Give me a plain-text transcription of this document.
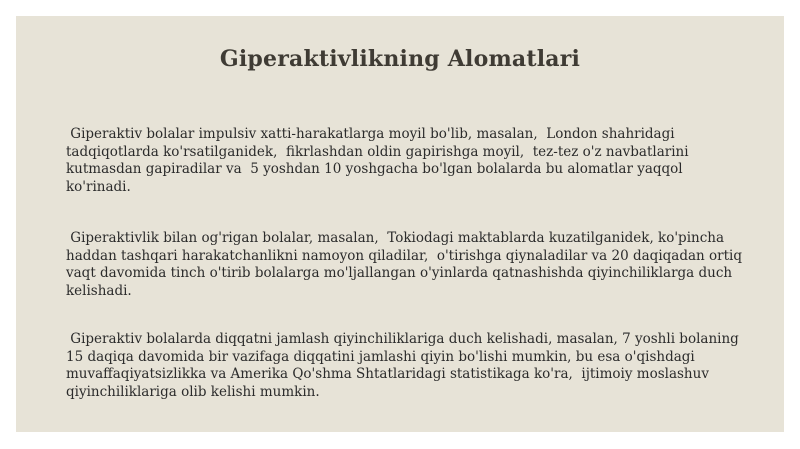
Giperaktivlikning Alomatlari

Giperaktiv bolalar impulsiv xatti-harakatlarga moyil bo'lib, masalan,  London shahridagi tadqiqotlarda ko'rsatilganidek,  fikrlashdan oldin gapirishga moyil,  tez-tez o'z navbatlarini kutmasdan gapiradilar va  5 yoshdan 10 yoshgacha bo'lgan bolalarda bu alomatlar yaqqol ko'rinadi.

Giperaktivlik bilan og'rigan bolalar, masalan,  Tokiodagi maktablarda kuzatilganidek, ko'pincha haddan tashqari harakatchanlikni namoyon qiladilar,  o'tirishga qiynaladilar va 20 daqiqadan ortiq vaqt davomida tinch o'tirib bolalarga mo'ljallangan o'yinlarda qatnashishda qiyinchiliklarga duch kelishadi.

Giperaktiv bolalarda diqqatni jamlash qiyinchiliklariga duch kelishadi, masalan, 7 yoshli bolaning 15 daqiqa davomida bir vazifaga diqqatini jamlashi qiyin bo'lishi mumkin, bu esa o'qishdagi muvaffaqiyatsizlikka va Amerika Qo'shma Shtatlaridagi statistikaga ko'ra,  ijtimoiy moslashuv qiyinchiliklariga olib kelishi mumkin.
